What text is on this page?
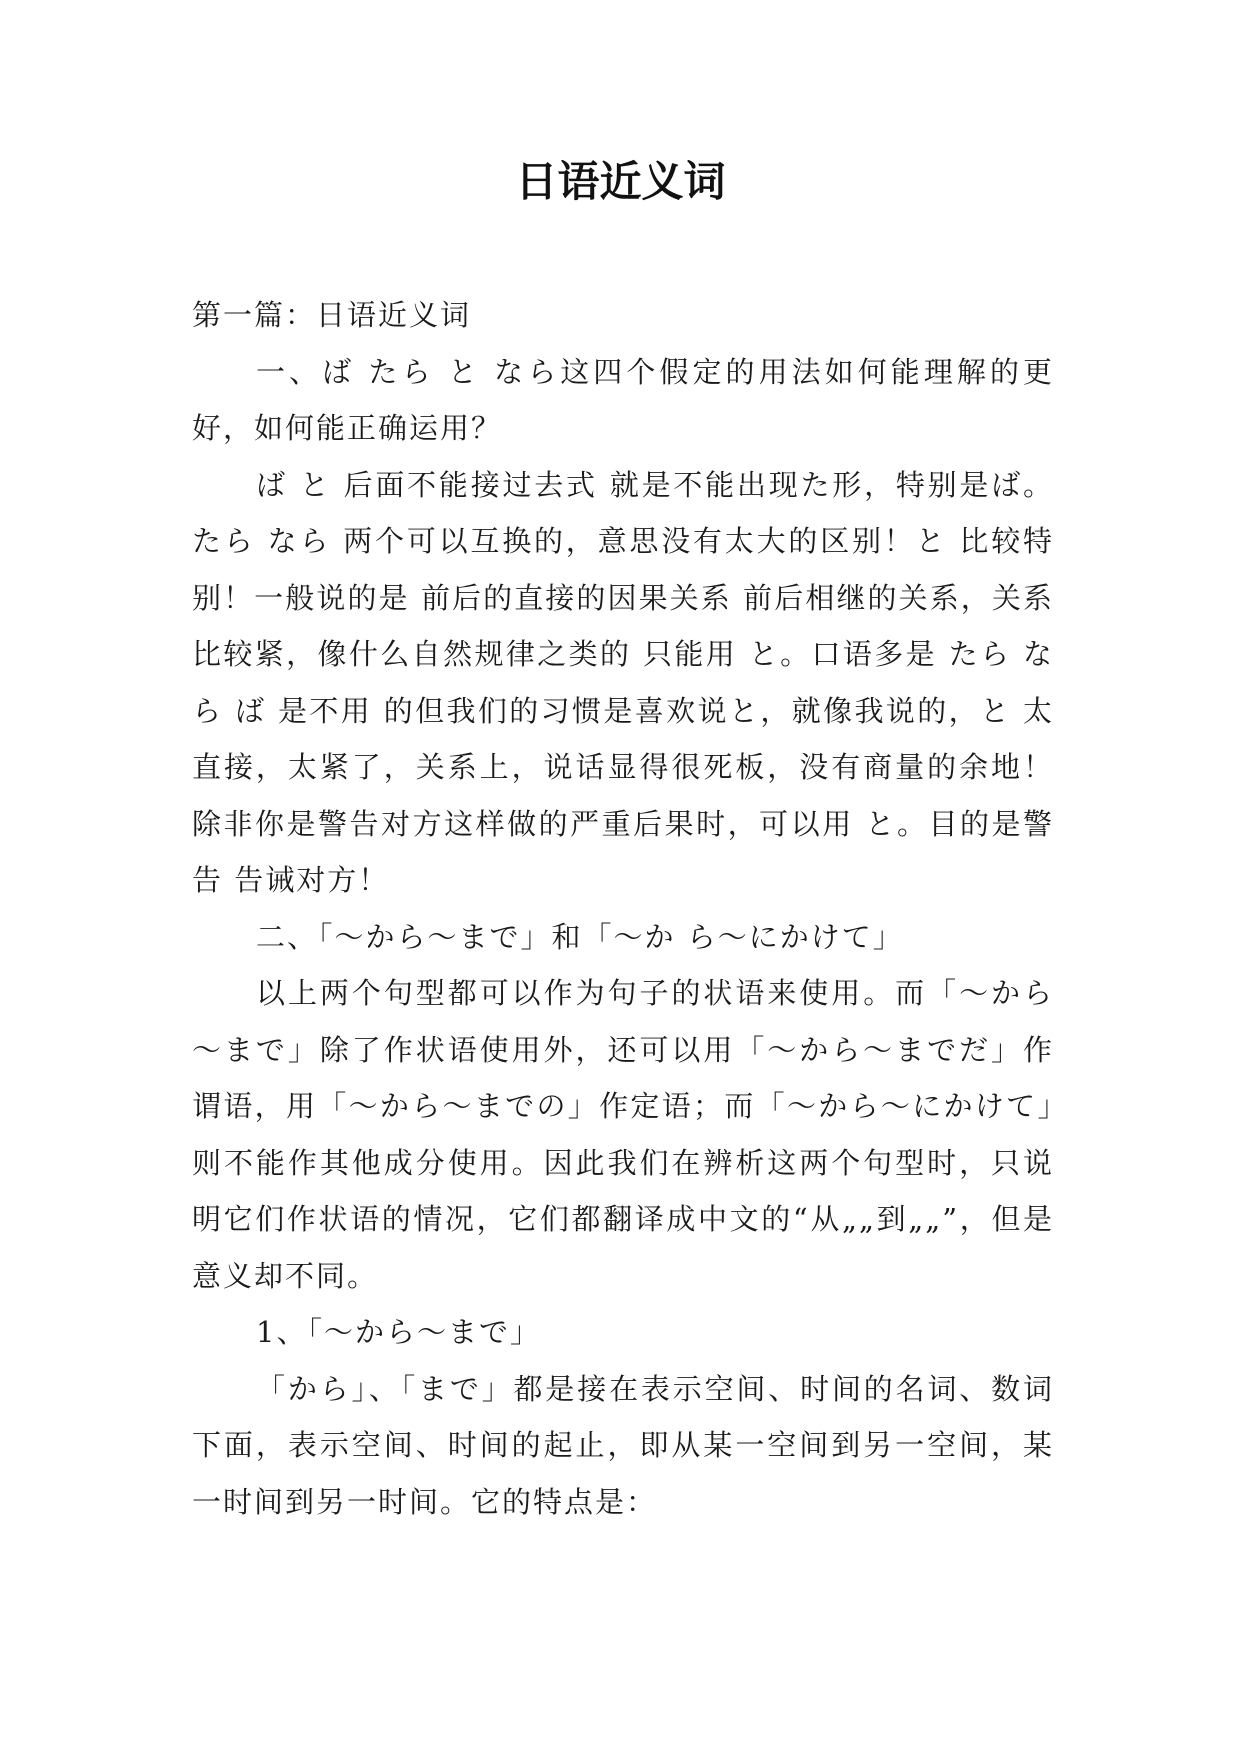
日语近义词

第一篇：日语近义词

一、ば たら と なら这四个假定的用法如何能理解的更好，如何能正确运用？

ば と 后面不能接过去式 就是不能出现た形，特别是ば。たら なら 两个可以互换的，意思没有太大的区别！と 比较特别！一般说的是 前后的直接的因果关系 前后相继的关系，关系比较紧，像什么自然规律之类的 只能用 と。口语多是 たら なら ば 是不用 的但我们的习惯是喜欢说と，就像我说的，と 太直接，太紧了，关系上，说话显得很死板，没有商量的余地！除非你是警告对方这样做的严重后果时，可以用 と。目的是警告 告诫对方！

二、「～から～まで」和「～か ら～にかけて」

以上两个句型都可以作为句子的状语来使用。而「～から～まで」除了作状语使用外，还可以用「～から～までだ」作谓语，用「～から～までの」作定语；而「～から～にかけて」则不能作其他成分使用。因此我们在辨析这两个句型时，只说明它们作状语的情况，它们都翻译成中文的“从„„到„„”，但是意义却不同。

1、「～から～まで」

「から」、「まで」都是接在表示空间、时间的名词、数词下面，表示空间、时间的起止，即从某一空间到另一空间，某一时间到另一时间。它的特点是：
